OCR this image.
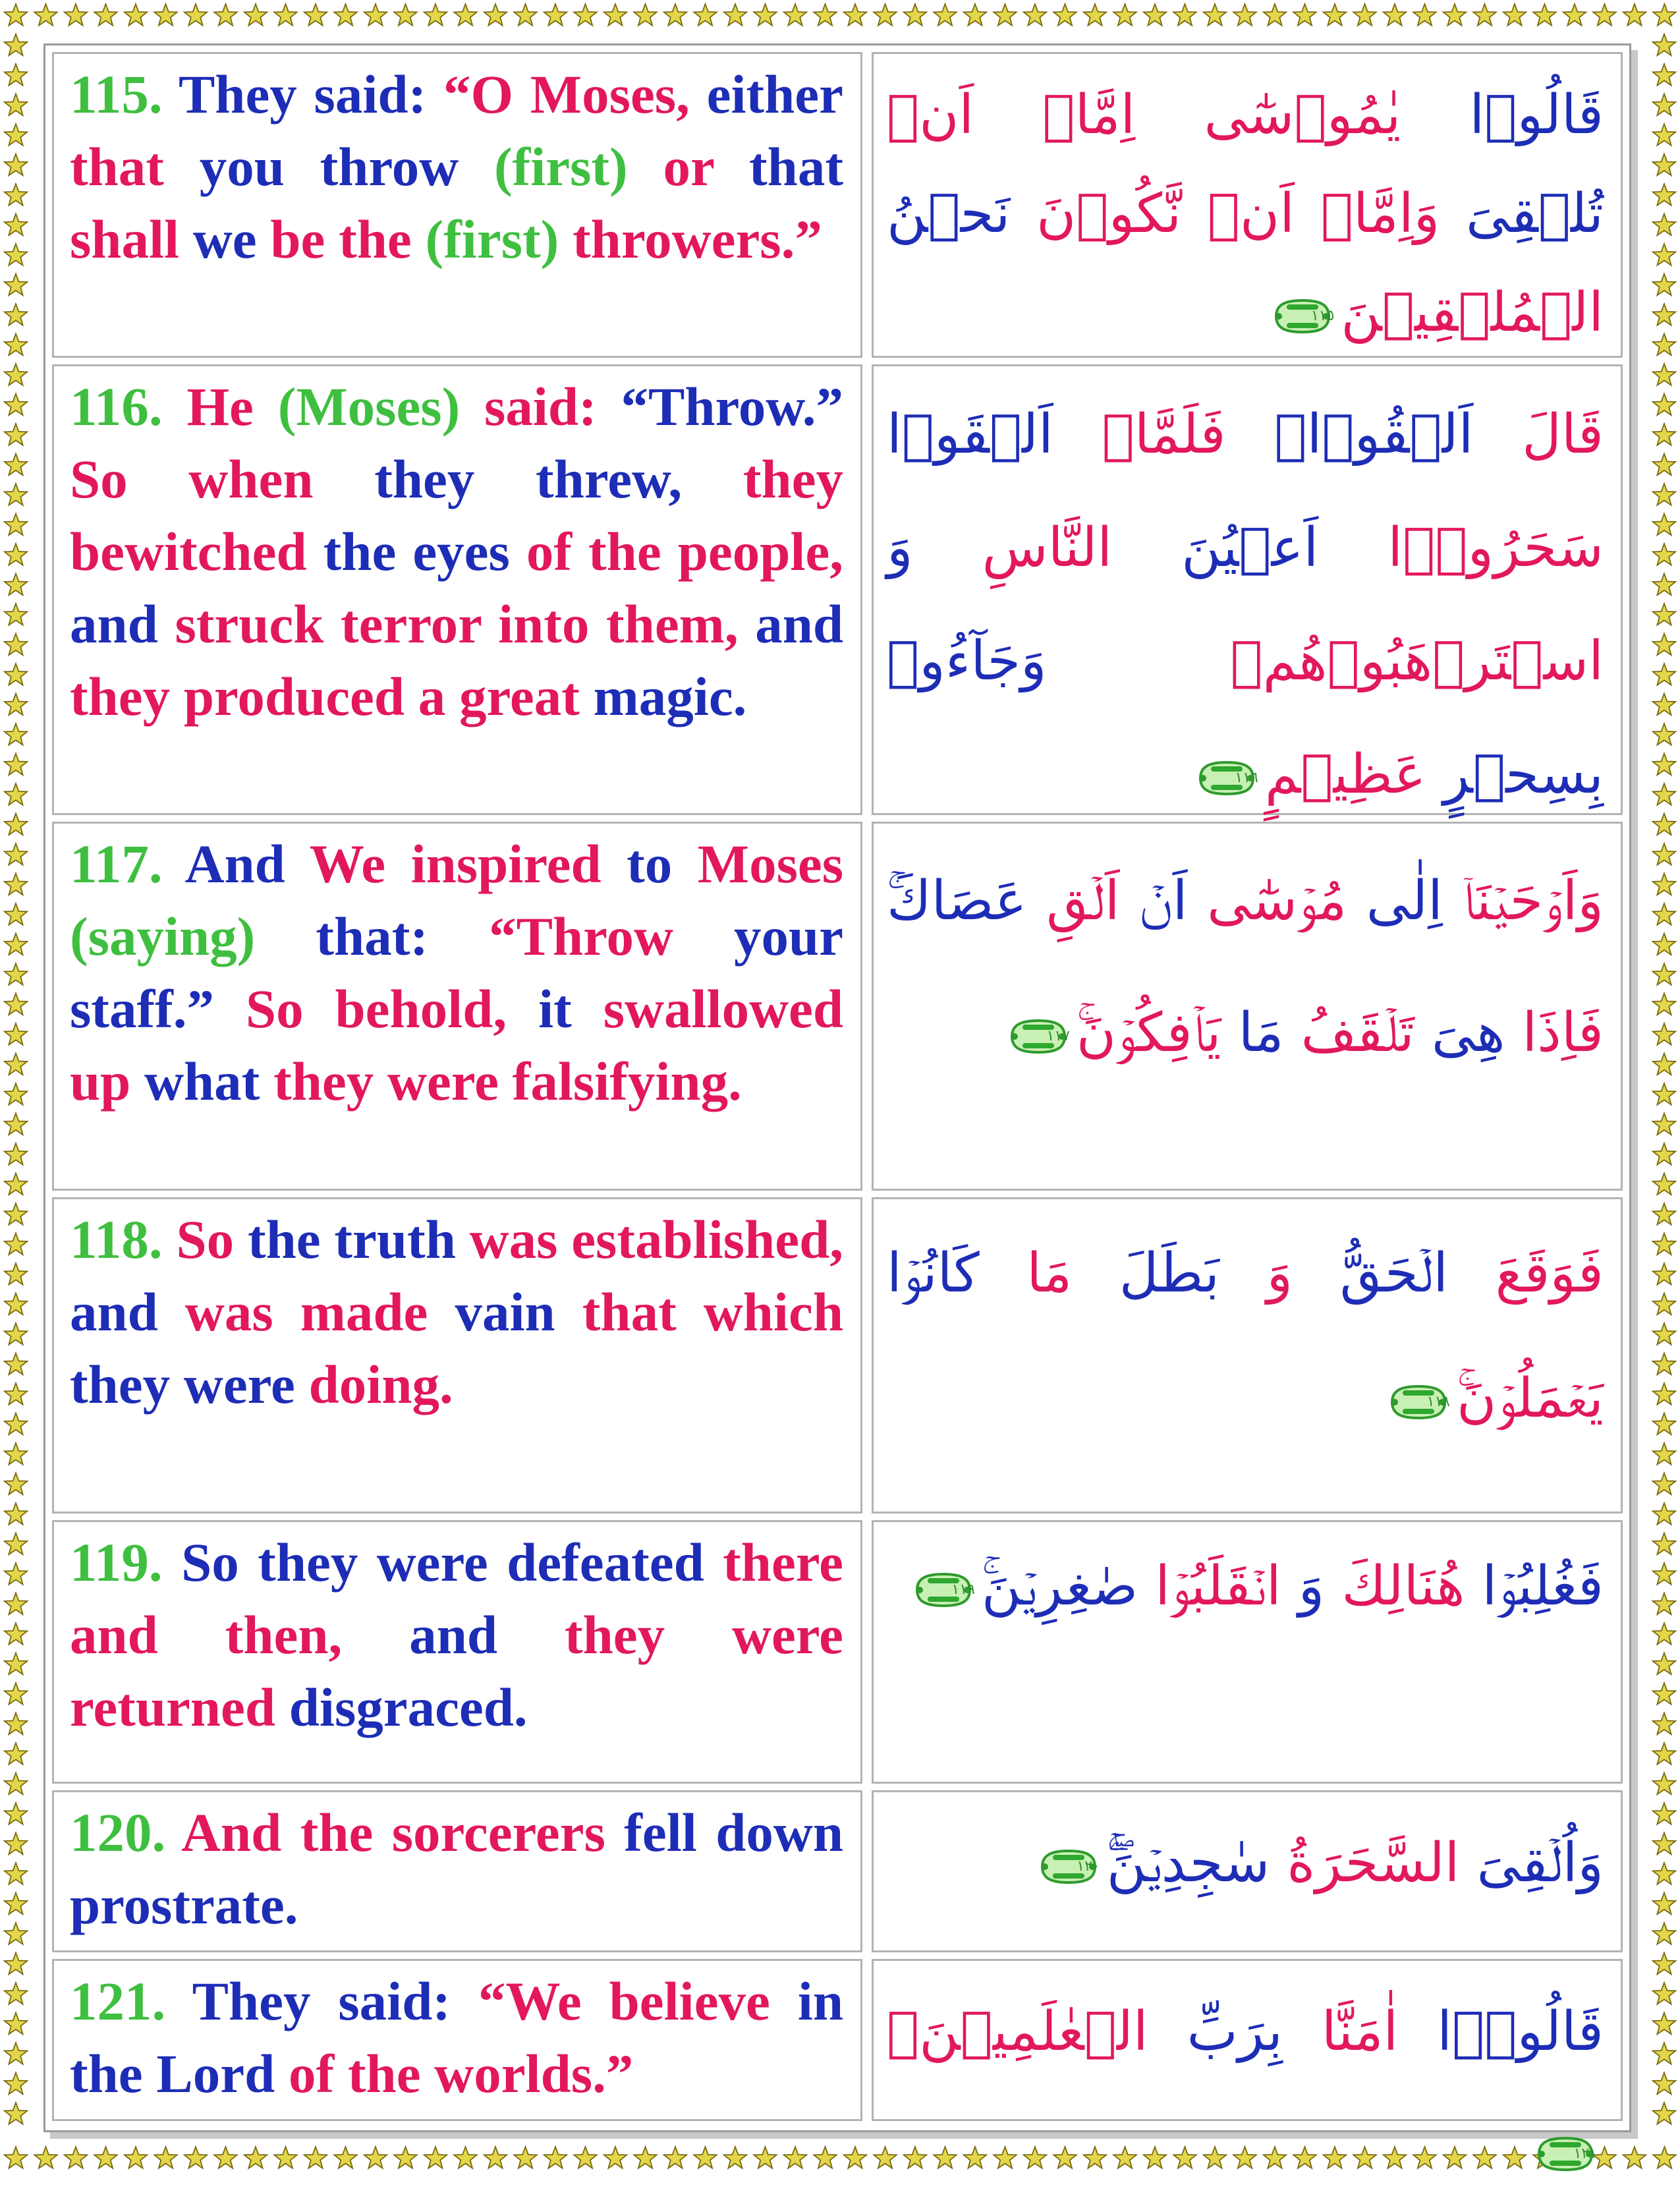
115. They said: “O Moses, either that you throw (first) or that shall we be the (first) throwers.”

قَالُوۡا يٰمُوۡسٰٓى اِمَّاۤ اَنۡ تُلۡقِىَ وَاِمَّاۤ اَنۡ نَّكُوۡنَ نَحۡنُ الۡمُلۡقِيۡنَ
١١٥

116. He (Moses) said: “Throw.” So when they threw, they bewitched the eyes of the people, and struck terror into them, and they produced a great magic.

قَالَ اَلۡقُوۡا‌ۚ فَلَمَّاۤ اَلۡقَوۡا سَحَرُوۡۤا اَعۡيُنَ النَّاسِ وَ اسۡتَرۡهَبُوۡهُمۡ وَجَآءُوۡ بِسِحۡرٍ عَظِيۡمٍ
١١٦

117. And We inspired to Moses (saying) that: “Throw your staff.” So behold, it swallowed up what they were falsifying.

وَاَوۡحَيۡنَاۤ اِلٰى مُوۡسٰٓى اَنۡ اَلۡقِ عَصَاكَ‌ۚ فَاِذَا هِىَ تَلۡقَفُ مَا يَاۡفِكُوۡنَ‌ۚ
١١٧

118. So the truth was established, and was made vain that which they were doing.

فَوَقَعَ الۡحَقُّ وَ بَطَلَ مَا كَانُوۡا يَعۡمَلُوۡنَ‌ۚ
١١٨

119. So they were defeated there and then, and they were returned disgraced.

فَغُلِبُوۡا هُنَالِكَ وَ انۡقَلَبُوۡا صٰغِرِيۡنَ‌ۚ
١١٩

120. And the sorcerers fell down prostrate.

وَاُلۡقِىَ السَّحَرَةُ سٰجِدِيۡنَ‌ۚ‌ۖ
١٢٠

121. They said: “We believe in the Lord of the worlds.”

قَالُوۡۤا اٰمَنَّا بِرَبِّ الۡعٰلَمِيۡنَۙ
١٢١
